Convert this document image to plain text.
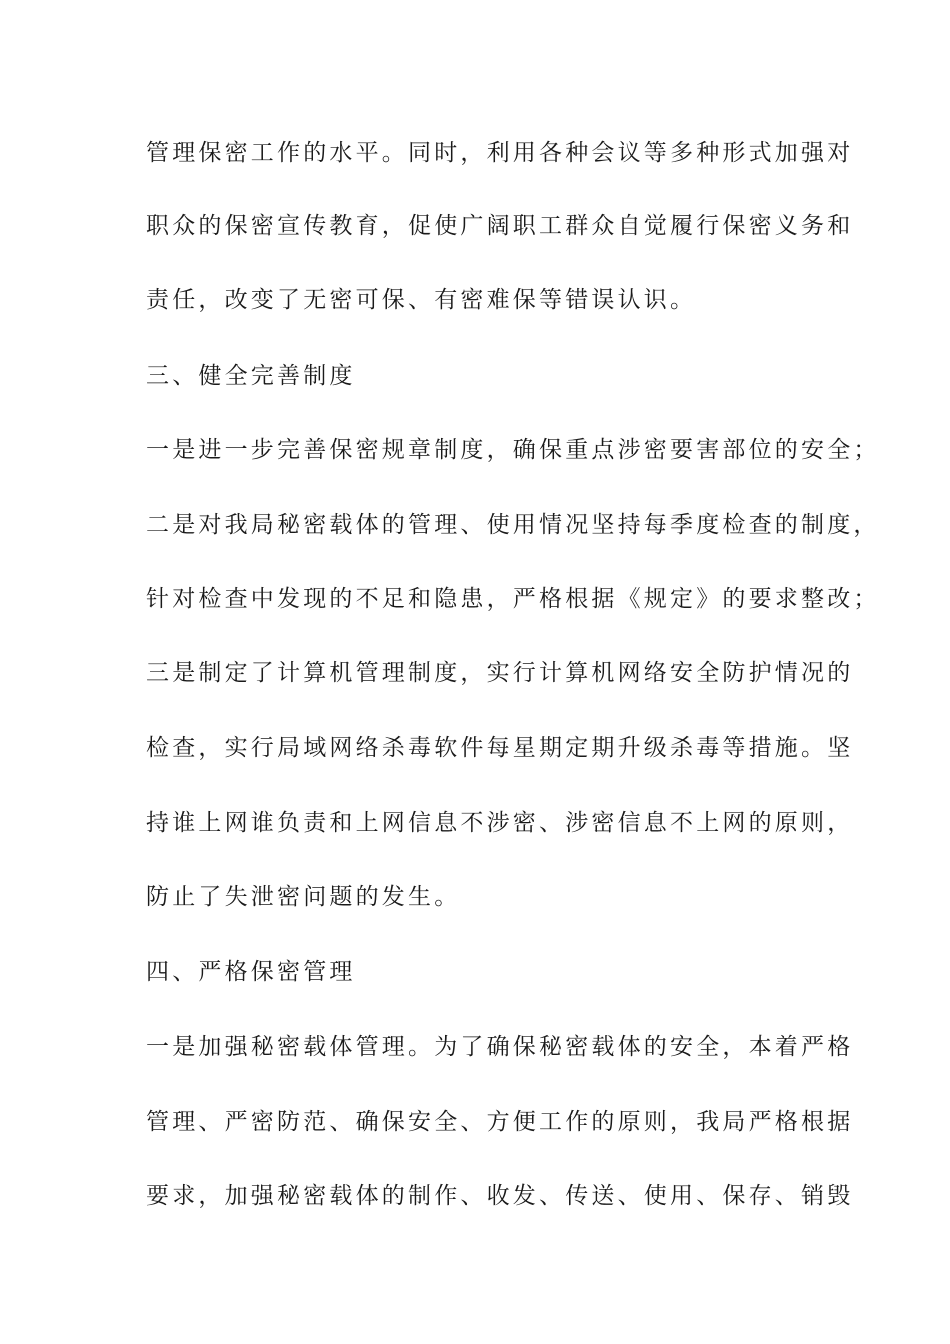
管理保密工作的水平。同时，利用各种会议等多种形式加强对
职众的保密宣传教育，促使广阔职工群众自觉履行保密义务和
责任，改变了无密可保、有密难保等错误认识。
三、健全完善制度
一是进一步完善保密规章制度，确保重点涉密要害部位的安全；
二是对我局秘密载体的管理、使用情况坚持每季度检查的制度，
针对检查中发现的不足和隐患，严格根据《规定》的要求整改；
三是制定了计算机管理制度，实行计算机网络安全防护情况的
检查，实行局域网络杀毒软件每星期定期升级杀毒等措施。坚
持谁上网谁负责和上网信息不涉密、涉密信息不上网的原则，
防止了失泄密问题的发生。
四、严格保密管理
一是加强秘密载体管理。为了确保秘密载体的安全，本着严格
管理、严密防范、确保安全、方便工作的原则，我局严格根据
要求，加强秘密载体的制作、收发、传送、使用、保存、销毁
